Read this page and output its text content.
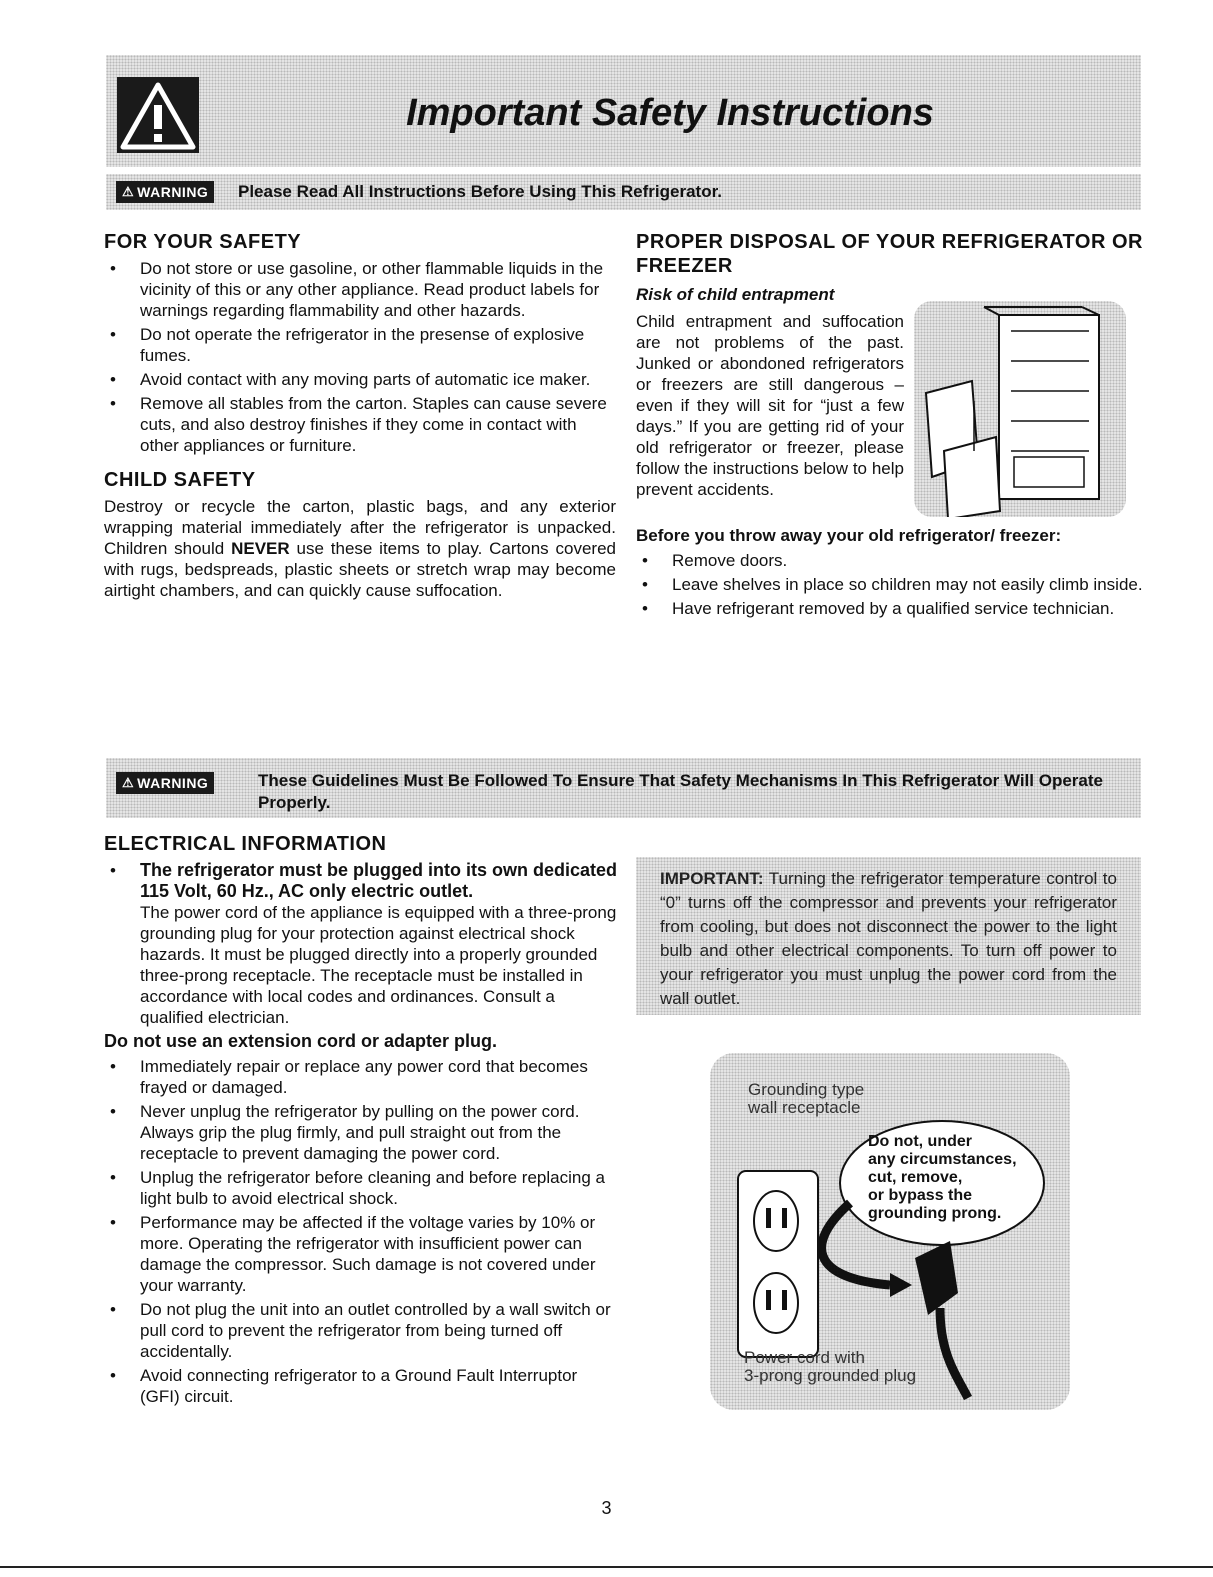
Important Safety Instructions
⚠ WARNING Please Read All Instructions Before Using This Refrigerator.
FOR YOUR SAFETY
• Do not store or use gasoline, or other flammable liquids in the vicinity of this or any other appliance. Read product labels for warnings regarding flammability and other hazards.
• Do not operate the refrigerator in the presense of explosive fumes.
• Avoid contact with any moving parts of automatic ice maker.
• Remove all stables from the carton. Staples can cause severe cuts, and also destroy finishes if they come in contact with other appliances or furniture.
CHILD SAFETY

Destroy or recycle the carton, plastic bags, and any exterior wrapping material immediately after the refrigerator is unpacked. Children should NEVER use these items to play. Cartons covered with rugs, bedspreads, plastic sheets or stretch wrap may become airtight chambers, and can quickly cause suffocation.

PROPER DISPOSAL OF YOUR REFRIGERATOR OR FREEZER
Risk of child entrapment

Child entrapment and suffocation are not problems of the past. Junked or abondoned refrigerators or freezers are still dangerous – even if they will sit for “just a few days.” If you are getting rid of your old refrigerator or freezer, please follow the instructions below to help prevent accidents.

Before you throw away your old refrigerator/ freezer:
• Remove doors.
• Leave shelves in place so children may not easily climb inside.
• Have refrigerant removed by a qualified service technician.
⚠ WARNING	These Guidelines Must Be Followed To Ensure That Safety Mechanisms In This Refrigerator Will Operate Properly.
ELECTRICAL INFORMATION
• The refrigerator must be plugged into its own dedicated 115 Volt, 60 Hz., AC only electric outlet.
The power cord of the appliance is equipped with a three-prong grounding plug for your protection against electrical shock hazards. It must be plugged directly into a properly grounded three-prong receptacle. The receptacle must be installed in accordance with local codes and ordinances. Consult a qualified electrician.
Do not use an extension cord or adapter plug.
• Immediately repair or replace any power cord that becomes frayed or damaged.
• Never unplug the refrigerator by pulling on the power cord. Always grip the plug firmly, and pull straight out from the receptacle to prevent damaging the power cord.
• Unplug the refrigerator before cleaning and before replacing a light bulb to avoid electrical shock.
• Performance may be affected if the voltage varies by 10% or more. Operating the refrigerator with insufficient power can damage the compressor. Such damage is not covered under your warranty.
• Do not plug the unit into an outlet controlled by a wall switch or pull cord to prevent the refrigerator from being turned off accidentally.
• Avoid connecting refrigerator to a Ground Fault Interruptor (GFI) circuit.
IMPORTANT: Turning the refrigerator temperature control to “0” turns off the compressor and prevents your refrigerator from cooling, but does not disconnect the power to the light bulb and other electrical components. To turn off power to your refrigerator you must unplug the power cord from the wall outlet.
Grounding type
wall receptacle
Do not, under
any circumstances,
cut, remove,
or bypass the
grounding prong.
Power cord with
3-prong grounded plug
3
